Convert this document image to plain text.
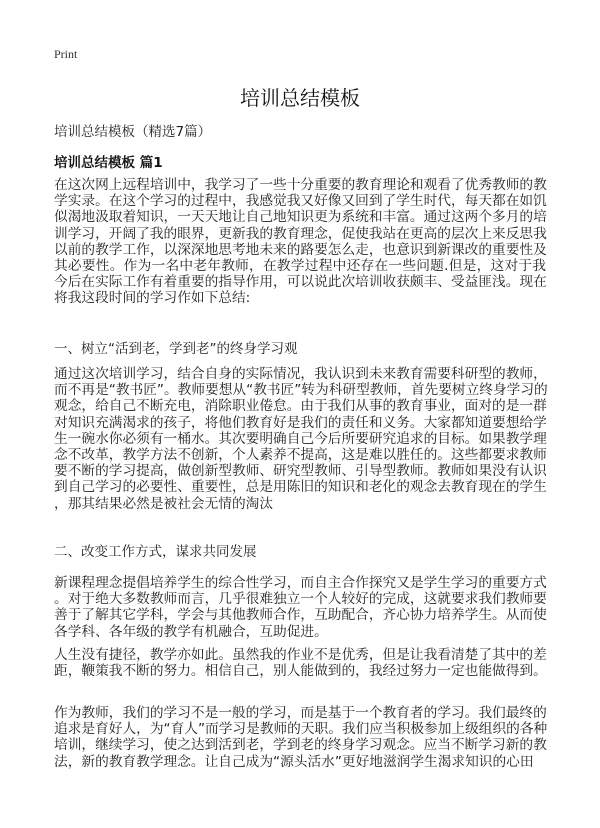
Print
培训总结模板
培训总结模板（精选7篇）
培训总结模板 篇1
在这次网上远程培训中，我学习了一些十分重要的教育理论和观看了优秀教师的教
学实录。在这个学习的过程中，我感觉我又好像又回到了学生时代，每天都在如饥
似渴地汲取着知识，一天天地让自己地知识更为系统和丰富。通过这两个多月的培
训学习，开阔了我的眼界，更新我的教育理念，促使我站在更高的层次上来反思我
以前的教学工作，以深深地思考地未来的路要怎么走，也意识到新课改的重要性及
其必要性。作为一名中老年教师，在教学过程中还存在一些问题.但是，这对于我
今后在实际工作有着重要的指导作用，可以说此次培训收获颇丰、受益匪浅。现在
将我这段时间的学习作如下总结:
一、树立“活到老，学到老”的终身学习观
通过这次培训学习，结合自身的实际情况，我认识到未来教育需要科研型的教师，
而不再是“教书匠”。教师要想从“教书匠”转为科研型教师，首先要树立终身学习的
观念，给自己不断充电，消除职业倦怠。由于我们从事的教育事业，面对的是一群
对知识充满渴求的孩子，将他们教育好是我们的责任和义务。大家都知道要想给学
生一碗水你必须有一桶水。其次要明确自己今后所要研究追求的目标。如果教学理
念不改革，教学方法不创新，个人素养不提高，这是难以胜任的。这些都要求教师
要不断的学习提高，做创新型教师、研究型教师、引导型教师。教师如果没有认识
到自己学习的必要性、重要性，总是用陈旧的知识和老化的观念去教育现在的学生
，那其结果必然是被社会无情的淘汰
二、改变工作方式，谋求共同发展
新课程理念提倡培养学生的综合性学习，而自主合作探究又是学生学习的重要方式
。对于绝大多数教师而言，几乎很难独立一个人较好的完成，这就要求我们教师要
善于了解其它学科，学会与其他教师合作，互助配合，齐心协力培养学生。从而使
各学科、各年级的教学有机融合，互助促进。
人生没有捷径，教学亦如此。虽然我的作业不是优秀，但是让我看清楚了其中的差
距，鞭策我不断的努力。相信自己，别人能做到的，我经过努力一定也能做得到。
作为教师，我们的学习不是一般的学习，而是基于一个教育者的学习。我们最终的
追求是育好人，为“育人”而学习是教师的天职。我们应当积极参加上级组织的各种
培训，继续学习，使之达到活到老，学到老的终身学习观念。应当不断学习新的教
法，新的教育教学理念。让自己成为“源头活水”更好地滋润学生渴求知识的心田
